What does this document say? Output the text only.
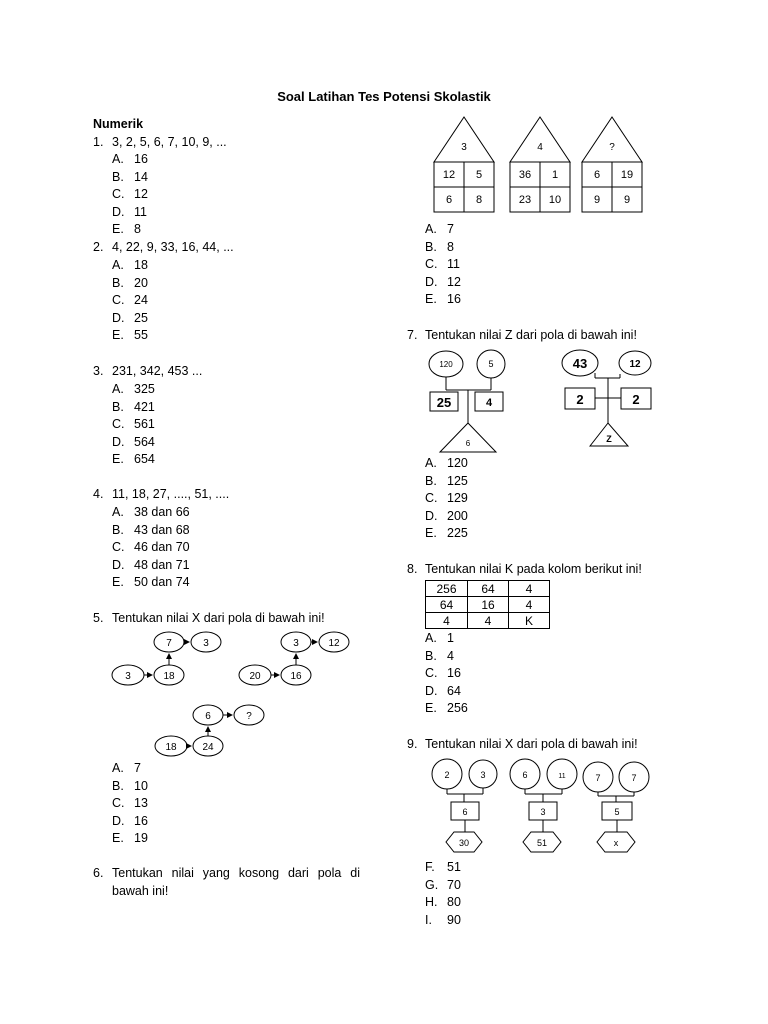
Soal Latihan Tes Potensi Skolastik
Numerik
1. 3, 2, 5, 6, 7, 10, 9, ...
A. 16
B. 14
C. 12
D. 11
E. 8
2. 4, 22, 9, 33, 16, 44, ...
A. 18
B. 20
C. 24
D. 25
E. 55
3. 231, 342, 453 ...
A. 325
B. 421
C. 561
D. 564
E. 654
4. 11, 18, 27, ...., 51, ....
A. 38 dan 66
B. 43 dan 68
C. 46 dan 70
D. 48 dan 71
E. 50 dan 74
5. Tentukan nilai X dari pola di bawah ini!
7	3
3	18
3	12
20	16
6	?
18	24
A. 7
B. 10
C. 13
D. 16
E. 19
6. Tentukan nilai yang kosong dari pola di
bawah ini!
3
12 5
6 8
4
36 1
23 10
?
6 19
9 9
A. 7
B. 8
C. 11
D. 12
E. 16
7. Tentukan nilai Z dari pola di bawah ini!
120	5
25	4
6
43	12
2	2
Z
A. 120
B. 125
C. 129
D. 200
E. 225
8. Tentukan nilai K pada kolom berikut ini!
256	64	4
64	16	4
4	4	K
A. 1
B. 4
C. 16
D. 64
E. 256
9. Tentukan nilai X dari pola di bawah ini!
2	3
6
30
6	11
3
51
7	7
5
x
F. 51
G. 70
H. 80
I. 90
